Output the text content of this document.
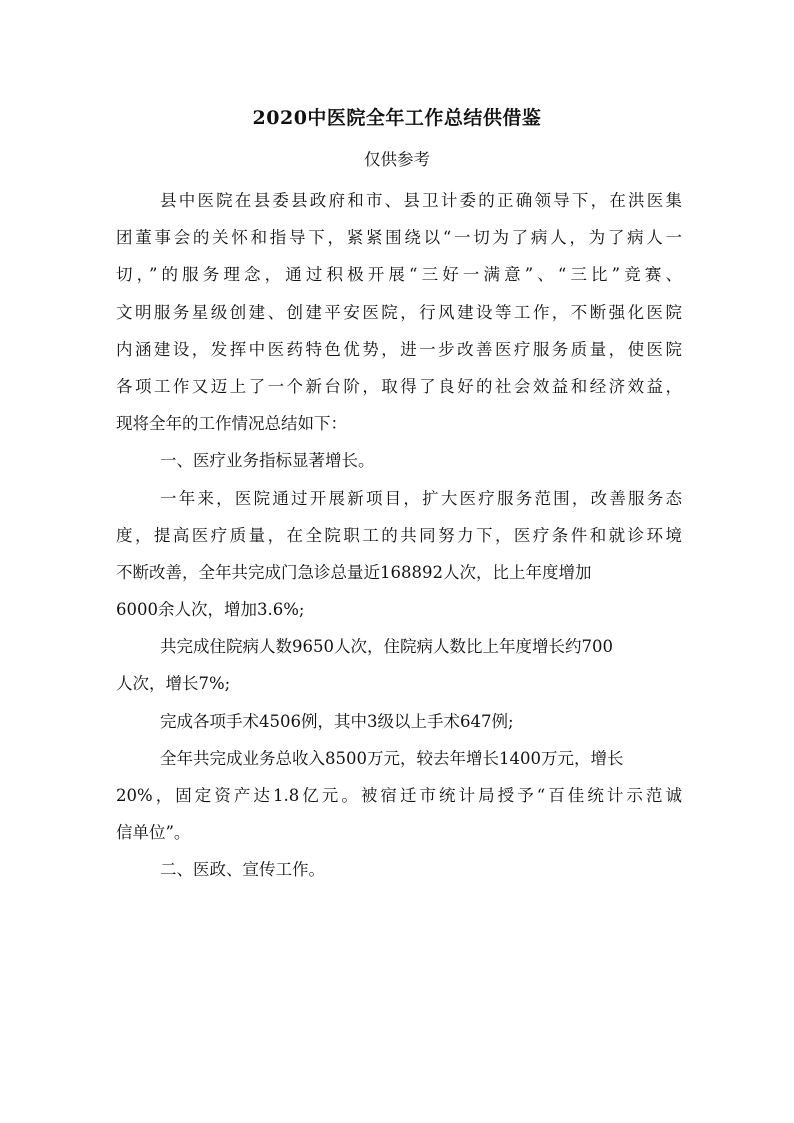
2020中医院全年工作总结供借鉴
仅供参考
县中医院在县委县政府和市、县卫计委的正确领导下，在洪医集
团董事会的关怀和指导下，紧紧围绕以“一切为了病人，为了病人一
切，”的服务理念，通过积极开展“三好一满意”、“三比”竞赛、
文明服务星级创建、创建平安医院，行风建设等工作，不断强化医院
内涵建设，发挥中医药特色优势，进一步改善医疗服务质量，使医院
各项工作又迈上了一个新台阶，取得了良好的社会效益和经济效益，
现将全年的工作情况总结如下：
一、医疗业务指标显著增长。
一年来，医院通过开展新项目，扩大医疗服务范围，改善服务态
度，提高医疗质量，在全院职工的共同努力下，医疗条件和就诊环境
不断改善，全年共完成门急诊总量近168892人次，比上年度增加
6000余人次，增加3.6%;
共完成住院病人数9650人次，住院病人数比上年度增长约700
人次，增长7%;
完成各项手术4506例，其中3级以上手术647例;
全年共完成业务总收入8500万元，较去年增长1400万元，增长
20%，固定资产达1.8亿元。被宿迁市统计局授予“百佳统计示范诚
信单位”。
二、医政、宣传工作。
